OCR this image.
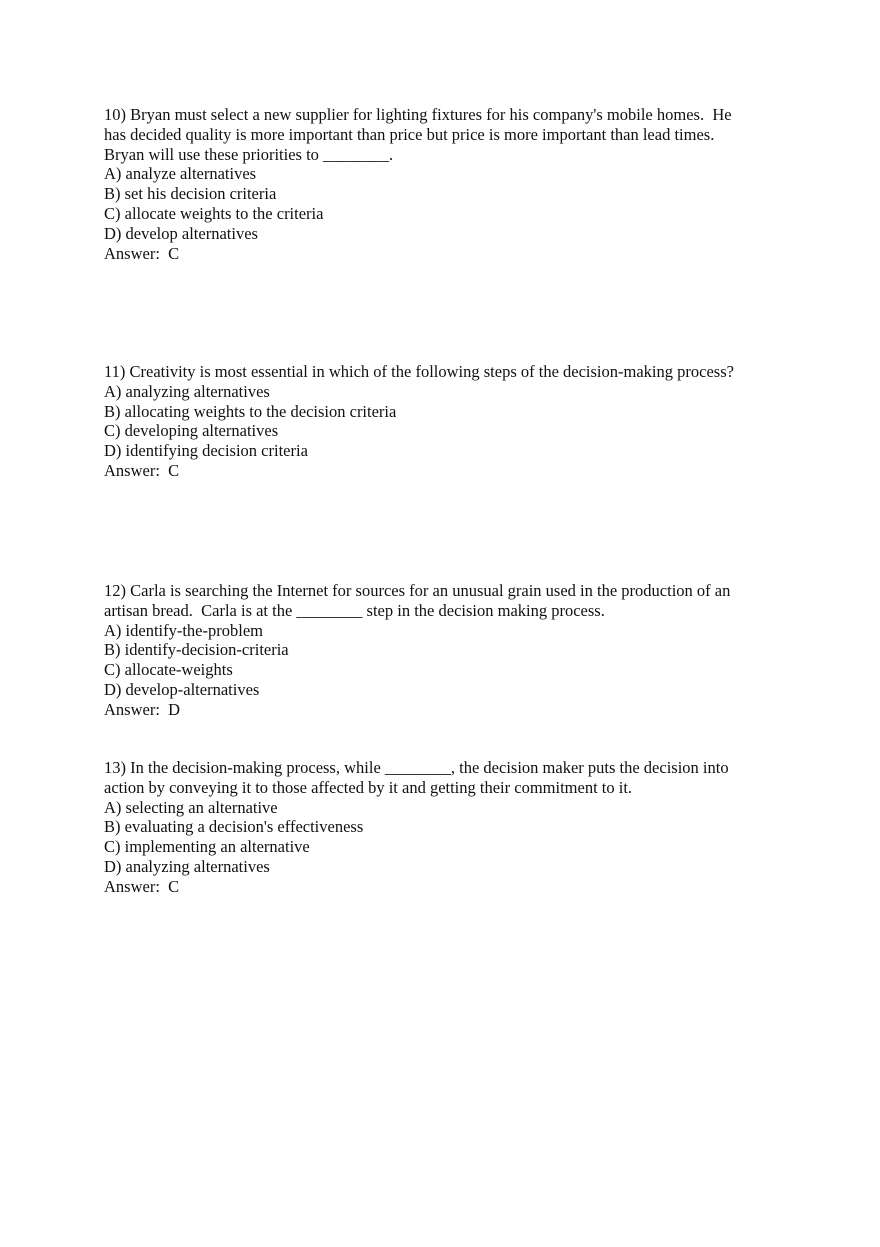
10) Bryan must select a new supplier for lighting fixtures for his company's mobile homes.  He
has decided quality is more important than price but price is more important than lead times.
Bryan will use these priorities to ________.
A) analyze alternatives
B) set his decision criteria
C) allocate weights to the criteria
D) develop alternatives
Answer:  C
11) Creativity is most essential in which of the following steps of the decision-making process?
A) analyzing alternatives
B) allocating weights to the decision criteria
C) developing alternatives
D) identifying decision criteria
Answer:  C
12) Carla is searching the Internet for sources for an unusual grain used in the production of an
artisan bread.  Carla is at the ________ step in the decision making process.
A) identify-the-problem
B) identify-decision-criteria
C) allocate-weights
D) develop-alternatives
Answer:  D
13) In the decision-making process, while ________, the decision maker puts the decision into
action by conveying it to those affected by it and getting their commitment to it.
A) selecting an alternative
B) evaluating a decision's effectiveness
C) implementing an alternative
D) analyzing alternatives
Answer:  C
